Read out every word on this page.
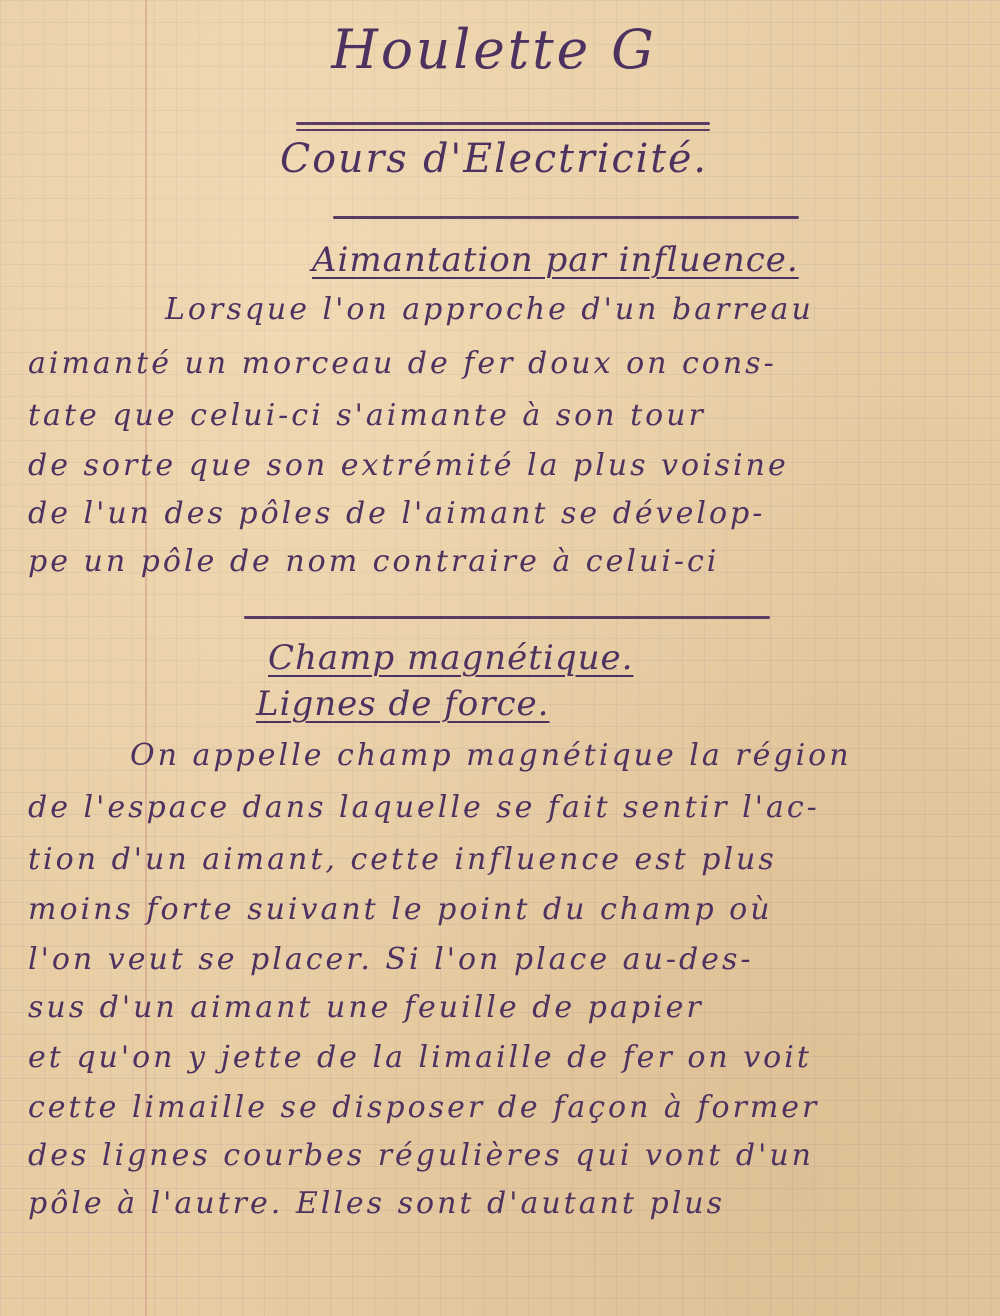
Houlette G
Cours d'Electricité.
Aimantation par influence.
Lorsque l'on approche d'un barreau
aimanté un morceau de fer doux on cons-
tate que celui-ci s'aimante à son tour
de sorte que son extrémité la plus voisine
de l'un des pôles de l'aimant se dévelop-
pe un pôle de nom contraire à celui-ci
Champ magnétique.
Lignes de force.
On appelle champ magnétique la région
de l'espace dans laquelle se fait sentir l'ac-
tion d'un aimant, cette influence est plus
moins forte suivant le point du champ où
l'on veut se placer. Si l'on place au-des-
sus d'un aimant une feuille de papier
et qu'on y jette de la limaille de fer on voit
cette limaille se disposer de façon à former
des lignes courbes régulières qui vont d'un
pôle à l'autre. Elles sont d'autant plus
